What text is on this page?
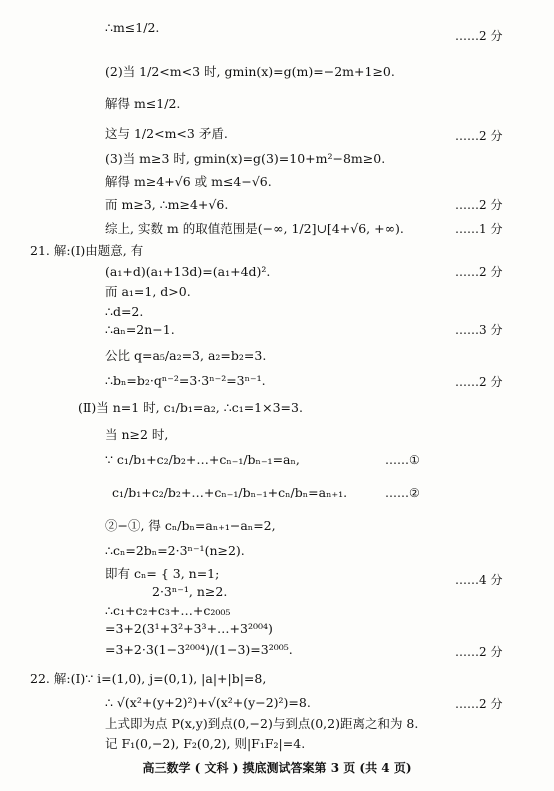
∴m≤1/2.
(2)当 1/2<m<3 时, gmin(x)=g(m)=−2m+1≥0.
解得 m≤1/2.
这与 1/2<m<3 矛盾.
(3)当 m≥3 时, gmin(x)=g(3)=10+m²−8m≥0.
解得 m≥4+√6 或 m≤4−√6.
而 m≥3, ∴m≥4+√6.
综上, 实数 m 的取值范围是(−∞, 1/2]∪[4+√6, +∞).
21. 解:(Ⅰ)由题意, 有
(a₁+d)(a₁+13d)=(a₁+4d)².
而 a₁=1, d>0.
∴d=2.
∴aₙ=2n−1.
公比 q=a₅/a₂=3, a₂=b₂=3.
∴bₙ=b₂·qⁿ⁻²=3·3ⁿ⁻²=3ⁿ⁻¹.
(Ⅱ)当 n=1 时, c₁/b₁=a₂, ∴c₁=1×3=3.
当 n≥2 时,
∵ c₁/b₁+c₂/b₂+…+cₙ₋₁/bₙ₋₁=aₙ,
c₁/b₁+c₂/b₂+…+cₙ₋₁/bₙ₋₁+cₙ/bₙ=aₙ₊₁.
②−①, 得 cₙ/bₙ=aₙ₊₁−aₙ=2,
∴cₙ=2bₙ=2·3ⁿ⁻¹(n≥2).
即有 cₙ= { 3, n=1;
2·3ⁿ⁻¹, n≥2.
∴c₁+c₂+c₃+…+c₂₀₀₅
=3+2(3¹+3²+3³+…+3²⁰⁰⁴)
=3+2·3(1−3²⁰⁰⁴)/(1−3)=3²⁰⁰⁵.
22. 解:(Ⅰ)∵ i=(1,0), j=(0,1), |a|+|b|=8,
∴ √(x²+(y+2)²)+√(x²+(y−2)²)=8.
上式即为点 P(x,y)到点(0,−2)与到点(0,2)距离之和为 8.
记 F₁(0,−2), F₂(0,2), 则|F₁F₂|=4.
……2 分
……2 分
……2 分
……1 分
……2 分
……3 分
……2 分
……4 分
……2 分
……2 分
……①
……②
高三数学 ( 文科 ) 摸底测试答案第 3 页 (共 4 页)
